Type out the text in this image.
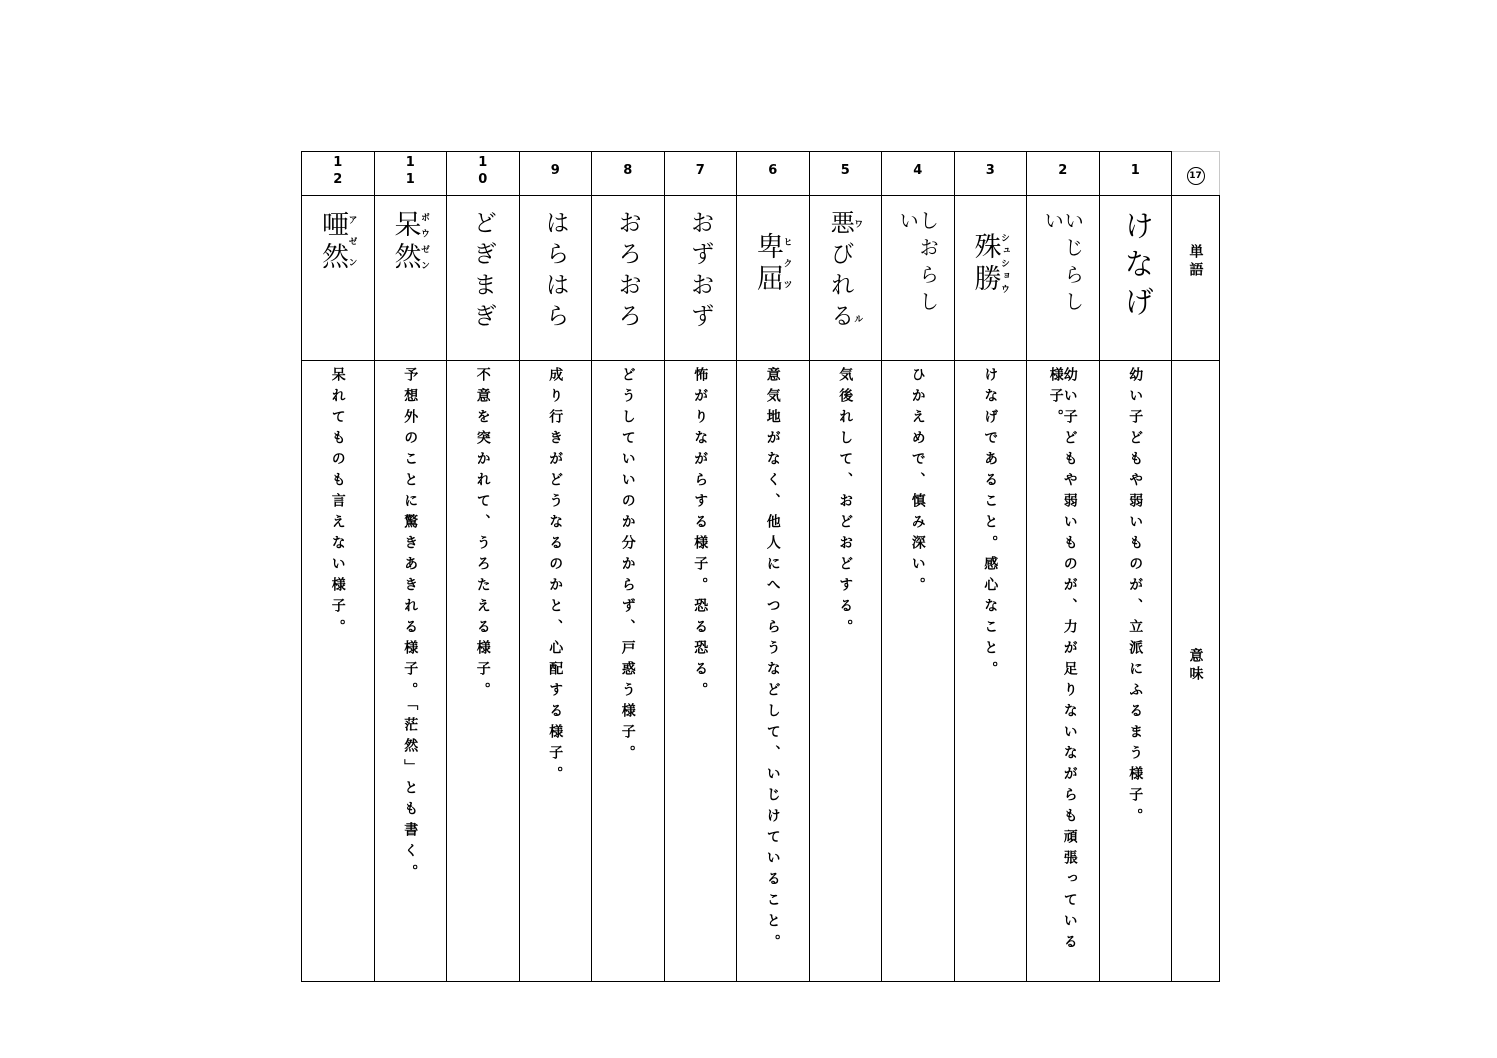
12	11	10	9	8	7	6	5	4	3	2	1	17

唖然アゼン	呆然ボウゼン	どぎまぎ	はらはら	おろおろ	おずおず	卑屈ヒクツ	悪びれるワル	しおらしい	殊勝シュショウ	いじらしい	けなげ	単語

呆れてものも言えない様子。	予想外のことに驚きあきれる様子。「茫然」とも書く。	不意を突かれて、うろたえる様子。	成り行きがどうなるのかと、心配する様子。	どうしていいのか分からず、戸惑う様子。	怖がりながらする様子。恐る恐る。	意気地がなく、他人にへつらうなどして、いじけていること。	気後れして、おどおどする。	ひかえめで、慎み深い。	けなげであること。感心なこと。	幼い子どもや弱いものが、力が足りないながらも頑張っている様子。	幼い子どもや弱いものが、立派にふるまう様子。	意味
